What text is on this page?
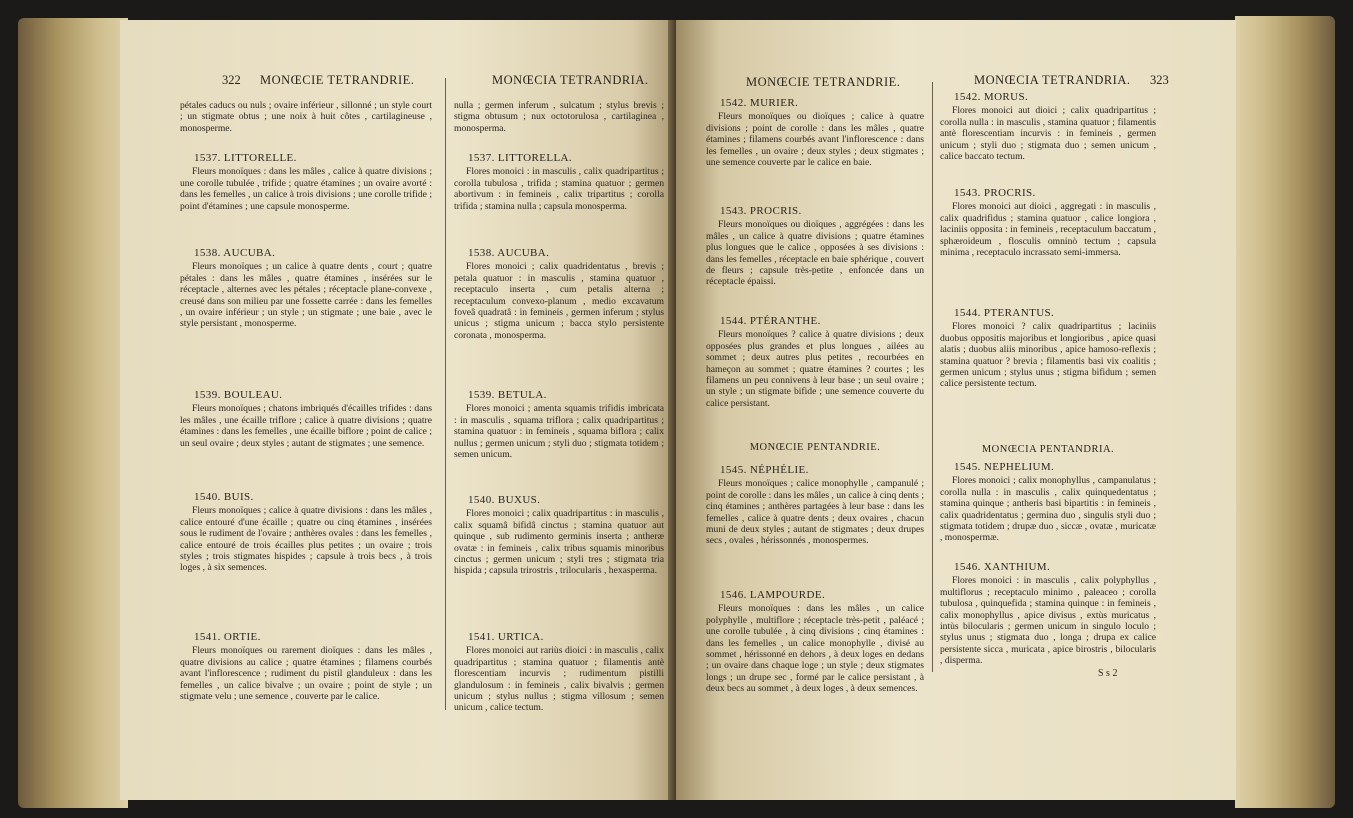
322 MONŒCIE TETRANDRIE.	MONŒCIA TETRANDRIA.

pétales caducs ou nuls ; ovaire inférieur , sillonné ; un style court ; un stigmate obtus ; une noix à huit côtes , cartilagineuse , monosperme.

1537. LITTORELLE.

Fleurs monoïques : dans les mâles , calice à quatre divisions ; une corolle tubulée , trifide ; quatre étamines ; un ovaire avorté : dans les femelles , un calice à trois divisions ; une corolle trifide ; point d'étamines ; une capsule monosperme.

1538. AUCUBA.

Fleurs monoïques ; un calice à quatre dents , court ; quatre pétales : dans les mâles , quatre étamines , insérées sur le réceptacle , alternes avec les pétales ; réceptacle plane-convexe , creusé dans son milieu par une fossette carrée : dans les femelles , un ovaire inférieur ; un style ; un stigmate ; une baie , avec le style persistant , monosperme.

1539. BOULEAU.

Fleurs monoïques ; chatons imbriqués d'écailles trifides : dans les mâles , une écaille triflore ; calice à quatre divisions ; quatre étamines : dans les femelles , une écaille biflore ; point de calice ; un seul ovaire ; deux styles ; autant de stigmates ; une semence.

1540. BUIS.

Fleurs monoïques ; calice à quatre divisions : dans les mâles , calice entouré d'une écaille ; quatre ou cinq étamines , insérées sous le rudiment de l'ovaire ; anthères ovales : dans les femelles , calice entouré de trois écailles plus petites ; un ovaire ; trois styles ; trois stigmates hispides ; capsule à trois becs , à trois loges , à six semences.

1541. ORTIE.

Fleurs monoïques ou rarement dioïques : dans les mâles , quatre divisions au calice ; quatre étamines ; filamens courbés avant l'inflorescence ; rudiment du pistil glanduleux : dans les femelles , un calice bivalve ; un ovaire ; point de style ; un stigmate velu ; une semence , couverte par le calice.

nulla ; germen inferum , sulcatum ; stylus brevis ; stigma obtusum ; nux octotorulosa , cartilaginea , monosperma.

1537. LITTORELLA.

Flores monoici : in masculis , calix quadripartitus ; corolla tubulosa , trifida ; stamina quatuor ; germen abortivum : in femineis , calix tripartitus ; corolla trifida ; stamina nulla ; capsula monosperma.

1538. AUCUBA.

Flores monoici ; calix quadridentatus , brevis ; petala quatuor : in masculis , stamina quatuor , receptaculo inserta , cum petalis alterna ; receptaculum convexo-planum , medio excavatum foveâ quadratâ : in femineis , germen inferum ; stylus unicus ; stigma unicum ; bacca stylo persistente coronata , monosperma.

1539. BETULA.

Flores monoici ; amenta squamis trifidis imbricata : in masculis , squama triflora ; calix quadripartitus ; stamina quatuor : in femineis , squama biflora ; calix nullus ; germen unicum ; styli duo ; stigmata totidem ; semen unicum.

1540. BUXUS.

Flores monoici ; calix quadripartitus : in masculis , calix squamâ bifidâ cinctus ; stamina quatuor aut quinque , sub rudimento germinis inserta ; antheræ ovatæ : in femineis , calix tribus squamis minoribus cinctus ; germen unicum ; styli tres ; stigmata tria hispida ; capsula trirostris , trilocularis , hexasperma.

1541. URTICA.

Flores monoici aut rariùs dioici : in masculis , calix quadripartitus ; stamina quatuor ; filamentis antè florescentiam incurvis ; rudimentum pistilli glandulosum : in femineis , calix bivalvis ; germen unicum ; stylus nullus ; stigma villosum ; semen unicum , calice tectum.

MONŒCIE TETRANDRIE.	MONŒCIA TETRANDRIA. 323
1542. MURIER.

Fleurs monoïques ou dioïques ; calice à quatre divisions ; point de corolle : dans les mâles , quatre étamines ; filamens courbés avant l'inflorescence : dans les femelles , un ovaire ; deux styles ; deux stigmates ; une semence couverte par le calice en baie.

1543. PROCRIS.

Fleurs monoïques ou dioïques , aggrégées : dans les mâles , un calice à quatre divisions ; quatre étamines plus longues que le calice , opposées à ses divisions : dans les femelles , réceptacle en baie sphérique , couvert de fleurs ; capsule très-petite , enfoncée dans un réceptacle épaissi.

1544. PTÉRANTHE.

Fleurs monoïques ? calice à quatre divisions ; deux opposées plus grandes et plus longues , ailées au sommet ; deux autres plus petites , recourbées en hameçon au sommet ; quatre étamines ? courtes ; les filamens un peu connivens à leur base ; un seul ovaire ; un style ; un stigmate bifide ; une semence couverte du calice persistant.

MONŒCIE PENTANDRIE.
1545. NÉPHÉLIE.

Fleurs monoïques ; calice monophylle , campanulé ; point de corolle : dans les mâles , un calice à cinq dents ; cinq étamines ; anthères partagées à leur base : dans les femelles , calice à quatre dents ; deux ovaires , chacun muni de deux styles ; autant de stigmates ; deux drupes secs , ovales , hérissonnés , monospermes.

1546. LAMPOURDE.

Fleurs monoïques : dans les mâles , un calice polyphylle , multiflore ; réceptacle très-petit , paléacé ; une corolle tubulée , à cinq divisions ; cinq étamines : dans les femelles , un calice monophylle , divisé au sommet , hérissonné en dehors , à deux loges en dedans ; un ovaire dans chaque loge ; un style ; deux stigmates longs ; un drupe sec , formé par le calice persistant , à deux becs au sommet , à deux loges , à deux semences.

1542. MORUS.

Flores monoici aut dioici ; calix quadripartitus ; corolla nulla : in masculis , stamina quatuor ; filamentis antè florescentiam incurvis : in femineis , germen unicum ; styli duo ; stigmata duo ; semen unicum , calice baccato tectum.

1543. PROCRIS.

Flores monoici aut dioici , aggregati : in masculis , calix quadrifidus ; stamina quatuor , calice longiora , laciniis opposita : in femineis , receptaculum baccatum , sphæroideum , flosculis omninò tectum ; capsula minima , receptaculo incrassato semi-immersa.

1544. PTERANTUS.

Flores monoici ? calix quadripartitus ; laciniis duobus oppositis majoribus et longioribus , apice quasi alatis ; duobus aliis minoribus , apice hamoso-reflexis ; stamina quatuor ? brevia ; filamentis basi vix coalitis ; germen unicum ; stylus unus ; stigma bifidum ; semen calice persistente tectum.

MONŒCIA PENTANDRIA.
1545. NEPHELIUM.

Flores monoici ; calix monophyllus , campanulatus ; corolla nulla : in masculis , calix quinquedentatus ; stamina quinque ; antheris basi bipartitis : in femineis , calix quadridentatus ; germina duo , singulis styli duo ; stigmata totidem ; drupæ duo , siccæ , ovatæ , muricatæ , monospermæ.

1546. XANTHIUM.

Flores monoici : in masculis , calix polyphyllus , multiflorus ; receptaculo minimo , paleaceo ; corolla tubulosa , quinquefida ; stamina quinque : in femineis , calix monophyllus , apice divisus , extùs muricatus , intùs bilocularis ; germen unicum in singulo loculo ; stylus unus ; stigmata duo , longa ; drupa ex calice persistente sicca , muricata , apice birostris , bilocularis , disperma.

S s 2
